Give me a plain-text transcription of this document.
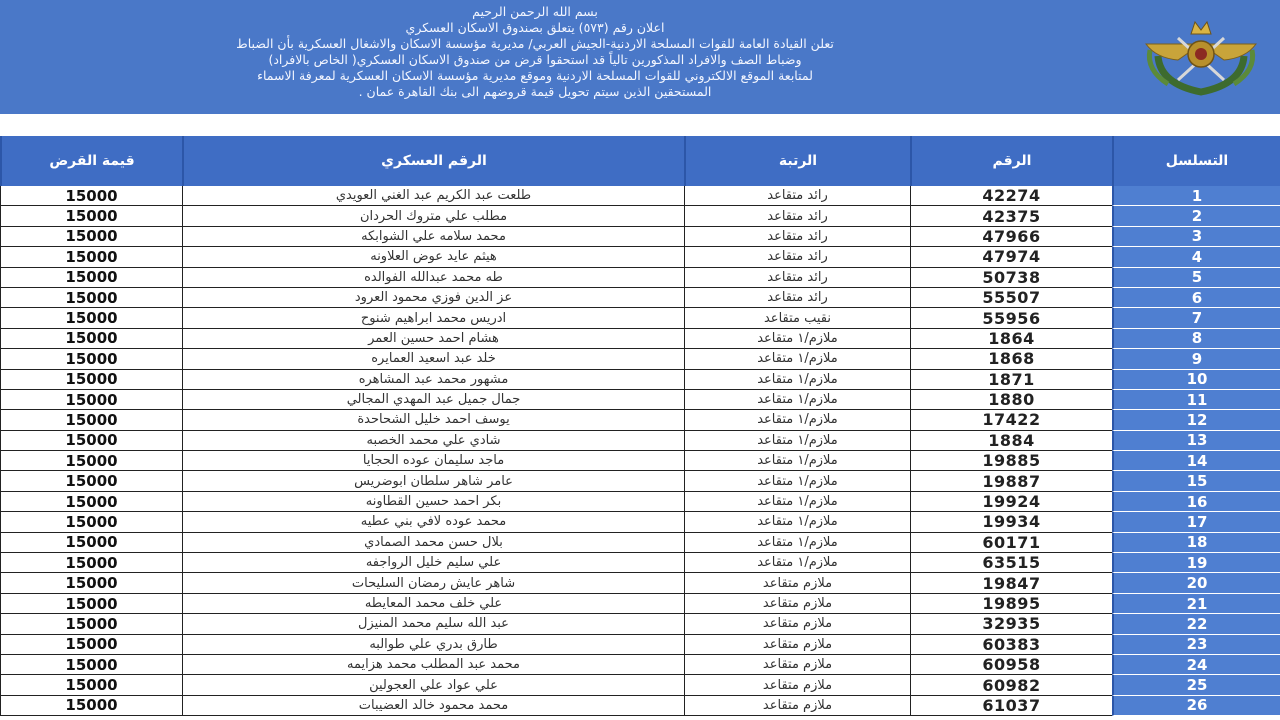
بسم الله الرحمن الرحيم
اعلان رقم (٥٧٣) يتعلق بصندوق الاسكان العسكري
تعلن القيادة العامة للقوات المسلحة الاردنية-الجيش العربي/ مديرية مؤسسة الاسكان والاشغال العسكرية بأن الضباط
وضباط الصف والافراد المذكورين تالياً قد استحقوا قرض من صندوق الاسكان العسكري( الخاص بالافراد)
لمتابعة الموقع الالكتروني للقوات المسلحة الاردنية وموقع مديرية مؤسسة الاسكان العسكرية لمعرفة الاسماء
المستحقين الذين سيتم تحويل قيمة قروضهم الى بنك القاهرة عمان .
التسلسل
الرقم
الرتبة
الرقم العسكري
قيمة القرض
1
42274
رائد متقاعد
طلعت عبد الكريم عبد الغني العويدي
15000
2
42375
رائد متقاعد
مطلب علي متروك الحردان
15000
3
47966
رائد متقاعد
محمد سلامه علي الشوابكه
15000
4
47974
رائد متقاعد
هيثم عايد عوض العلاونه
15000
5
50738
رائد متقاعد
طه محمد عبدالله الفوالده
15000
6
55507
رائد متقاعد
عز الدين فوزي محمود العرود
15000
7
55956
نقيب متقاعد
ادريس محمد ابراهيم شنوح
15000
8
1864
ملازم/١ متقاعد
هشام احمد حسين العمر
15000
9
1868
ملازم/١ متقاعد
خلد عبد اسعيد العمايره
15000
10
1871
ملازم/١ متقاعد
مشهور محمد عبد المشاهره
15000
11
1880
ملازم/١ متقاعد
جمال جميل عبد المهدي المجالي
15000
12
17422
ملازم/١ متقاعد
يوسف احمد خليل الشحاحدة
15000
13
1884
ملازم/١ متقاعد
شادي علي محمد الخصبه
15000
14
19885
ملازم/١ متقاعد
ماجد سليمان عوده الحجايا
15000
15
19887
ملازم/١ متقاعد
عامر شاهر سلطان ابوضريس
15000
16
19924
ملازم/١ متقاعد
بكر احمد حسين القطاونه
15000
17
19934
ملازم/١ متقاعد
محمد عوده لافي بني عطيه
15000
18
60171
ملازم/١ متقاعد
بلال حسن محمد الصمادي
15000
19
63515
ملازم/١ متقاعد
علي سليم خليل الرواجفه
15000
20
19847
ملازم متقاعد
شاهر عايش رمضان السليحات
15000
21
19895
ملازم متقاعد
علي خلف محمد المعايطه
15000
22
32935
ملازم متقاعد
عبد الله سليم محمد المنيزل
15000
23
60383
ملازم متقاعد
طارق بدري علي طوالبه
15000
24
60958
ملازم متقاعد
محمد عبد المطلب محمد هزايمه
15000
25
60982
ملازم متقاعد
علي عواد علي العجولين
15000
26
61037
ملازم متقاعد
محمد محمود خالد العضيبات
15000
